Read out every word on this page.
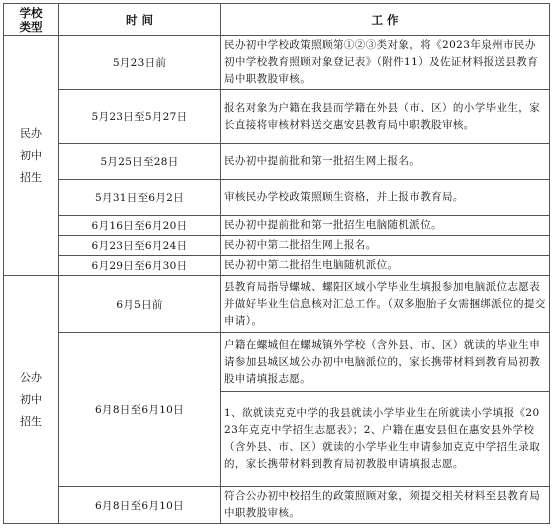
学校
类型	时 间	工 作
民办
初中
招生	5月23日前	民办初中学校政策照顾第①②③类对象，将《2023年泉州市民办初中学校教育照顾对象登记表》（附件11）及佐证材料报送县教育局中职教股审核。
	5月23日至5月27日	报名对象为户籍在我县而学籍在外县（市、区）的小学毕业生，家长直接将审核材料送交惠安县教育局中职教股审核。
	5月25日至28日	民办初中提前批和第一批招生网上报名。
	5月31日至6月2日	审核民办学校政策照顾生资格，并上报市教育局。
	6月16日至6月20日	民办初中提前批和第一批招生电脑随机派位。
	6月23日至6月24日	民办初中第二批招生网上报名。
	6月29日至6月30日	民办初中第二批招生电脑随机派位。
公办
初中
招生	6月5日前	县教育局指导螺城、螺阳区域小学毕业生填报参加电脑派位志愿表并做好毕业生信息核对汇总工作。（双多胞胎子女需捆绑派位的提交申请）。
	6月8日至6月10日	户籍在螺城但在螺城镇外学校（含外县、市、区）就读的毕业生申请参加县城区域公办初中电脑派位的，家长携带材料到教育局初教股申请填报志愿。
		1、欲就读克克中学的我县就读小学毕业生在所就读小学填报《2023年克克中学招生志愿表》；2、户籍在惠安县但在惠安县外学校（含外县、市、区）就读的小学毕业生申请参加克克中学招生录取的，家长携带材料到教育局初教股申请填报志愿。
	6月8日至6月10日	符合公办初中校招生的政策照顾对象，须提交相关材料至县教育局中职教股审核。
